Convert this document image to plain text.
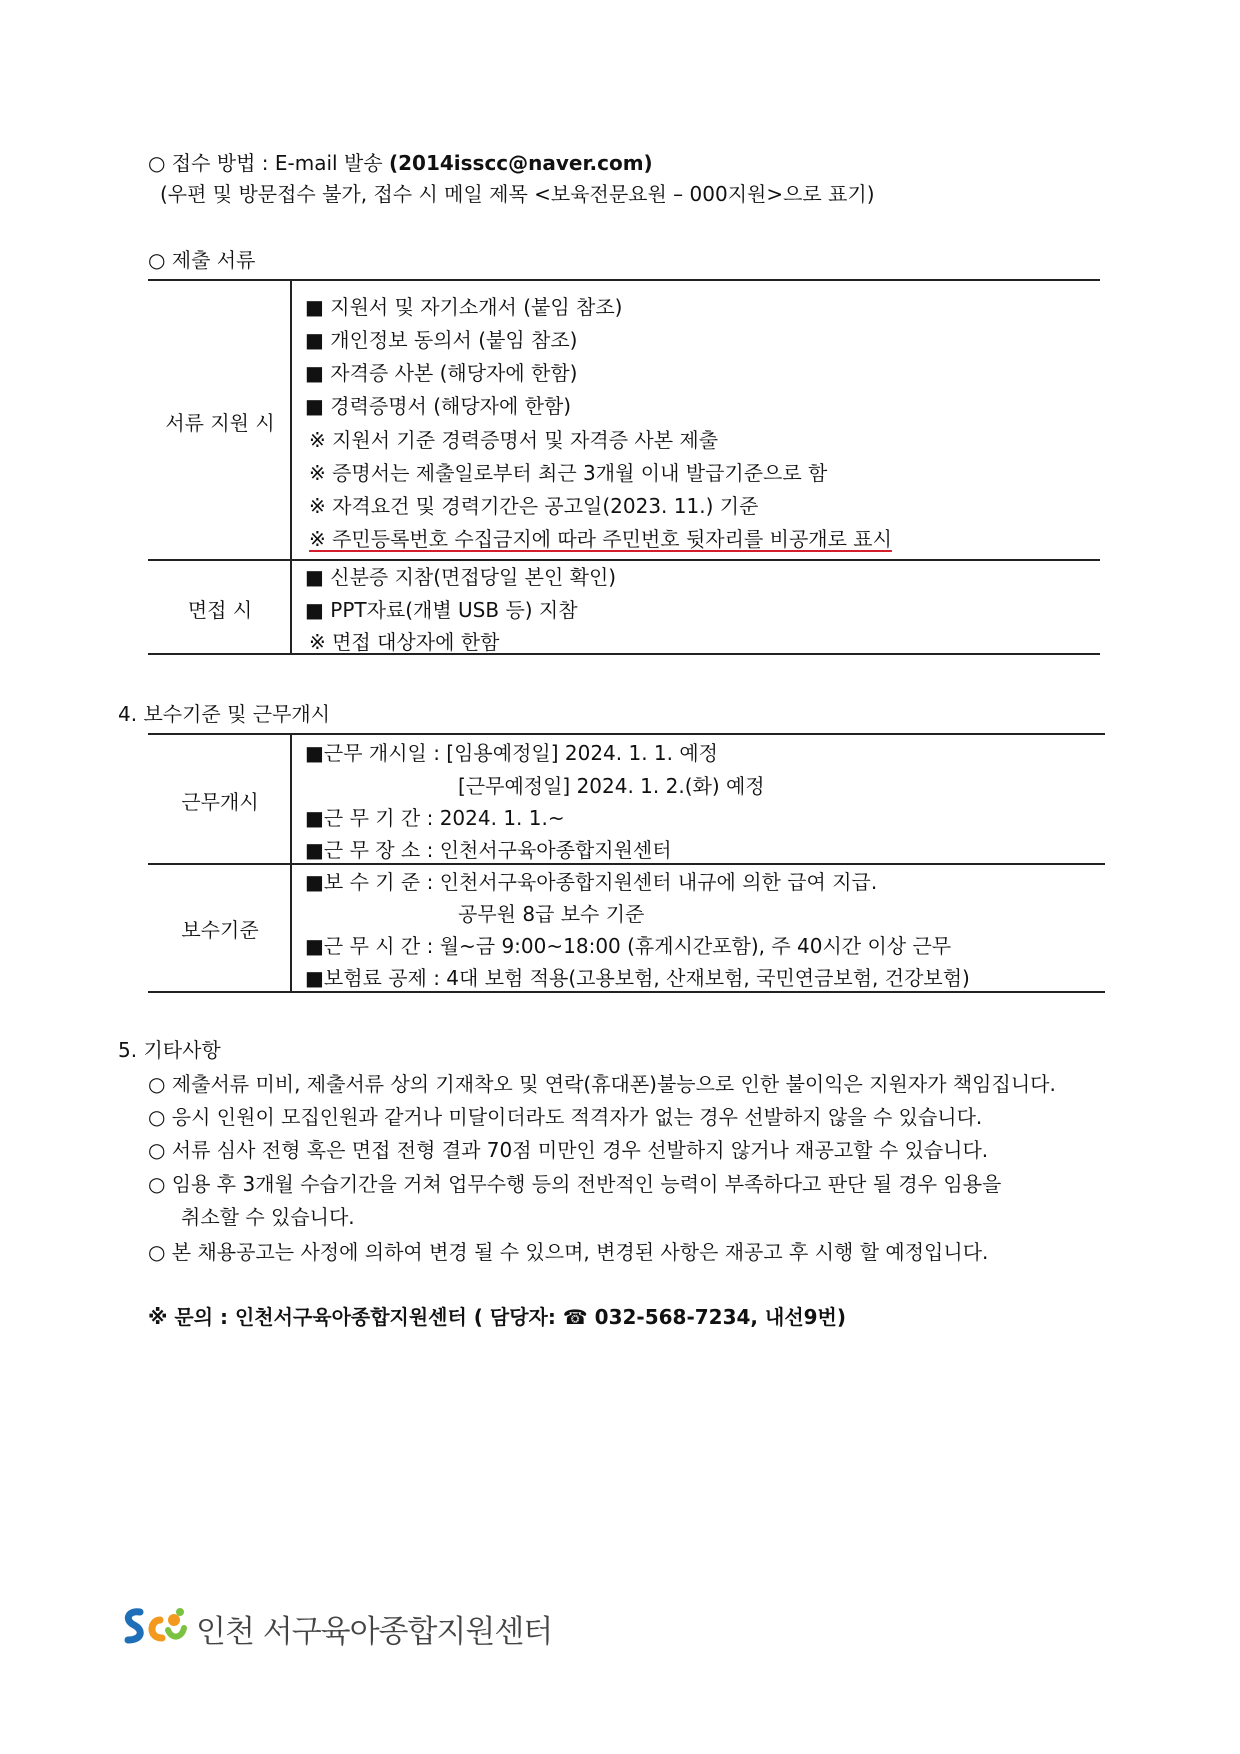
○ 접수 방법 : E-mail 발송 (2014isscc@naver.com)
(우편 및 방문접수 불가, 접수 시 메일 제목 <보육전문요원 – 000지원>으로 표기)
○ 제출 서류
서류 지원 시
■ 지원서 및 자기소개서 (붙임 참조)
■ 개인정보 동의서 (붙임 참조)
■ 자격증 사본 (해당자에 한함)
■ 경력증명서 (해당자에 한함)
※ 지원서 기준 경력증명서 및 자격증 사본 제출
※ 증명서는 제출일로부터 최근 3개월 이내 발급기준으로 함
※ 자격요건 및 경력기간은 공고일(2023. 11.) 기준
※ 주민등록번호 수집금지에 따라 주민번호 뒷자리를 비공개로 표시
면접 시
■ 신분증 지참(면접당일 본인 확인)
■ PPT자료(개별 USB 등) 지참
※ 면접 대상자에 한함
4. 보수기준 및 근무개시
근무개시
■근무 개시일 : [임용예정일] 2024. 1. 1. 예정
[근무예정일] 2024. 1. 2.(화) 예정
■근 무 기 간 : 2024. 1. 1.~
■근 무 장 소 : 인천서구육아종합지원센터
보수기준
■보 수 기 준 : 인천서구육아종합지원센터 내규에 의한 급여 지급.
공무원 8급 보수 기준
■근 무 시 간 : 월~금 9:00~18:00 (휴게시간포함), 주 40시간 이상 근무
■보험료 공제 : 4대 보험 적용(고용보험, 산재보험, 국민연금보험, 건강보험)
5. 기타사항
○ 제출서류 미비, 제출서류 상의 기재착오 및 연락(휴대폰)불능으로 인한 불이익은 지원자가 책임집니다.
○ 응시 인원이 모집인원과 같거나 미달이더라도 적격자가 없는 경우 선발하지 않을 수 있습니다.
○ 서류 심사 전형 혹은 면접 전형 결과 70점 미만인 경우 선발하지 않거나 재공고할 수 있습니다.
○ 임용 후 3개월 수습기간을 거쳐 업무수행 등의 전반적인 능력이 부족하다고 판단 될 경우 임용을
취소할 수 있습니다.
○ 본 채용공고는 사정에 의하여 변경 될 수 있으며, 변경된 사항은 재공고 후 시행 할 예정입니다.
※ 문의 : 인천서구육아종합지원센터 ( 담당자: ☎ 032-568-7234, 내선9번)
인천 서구육아종합지원센터
